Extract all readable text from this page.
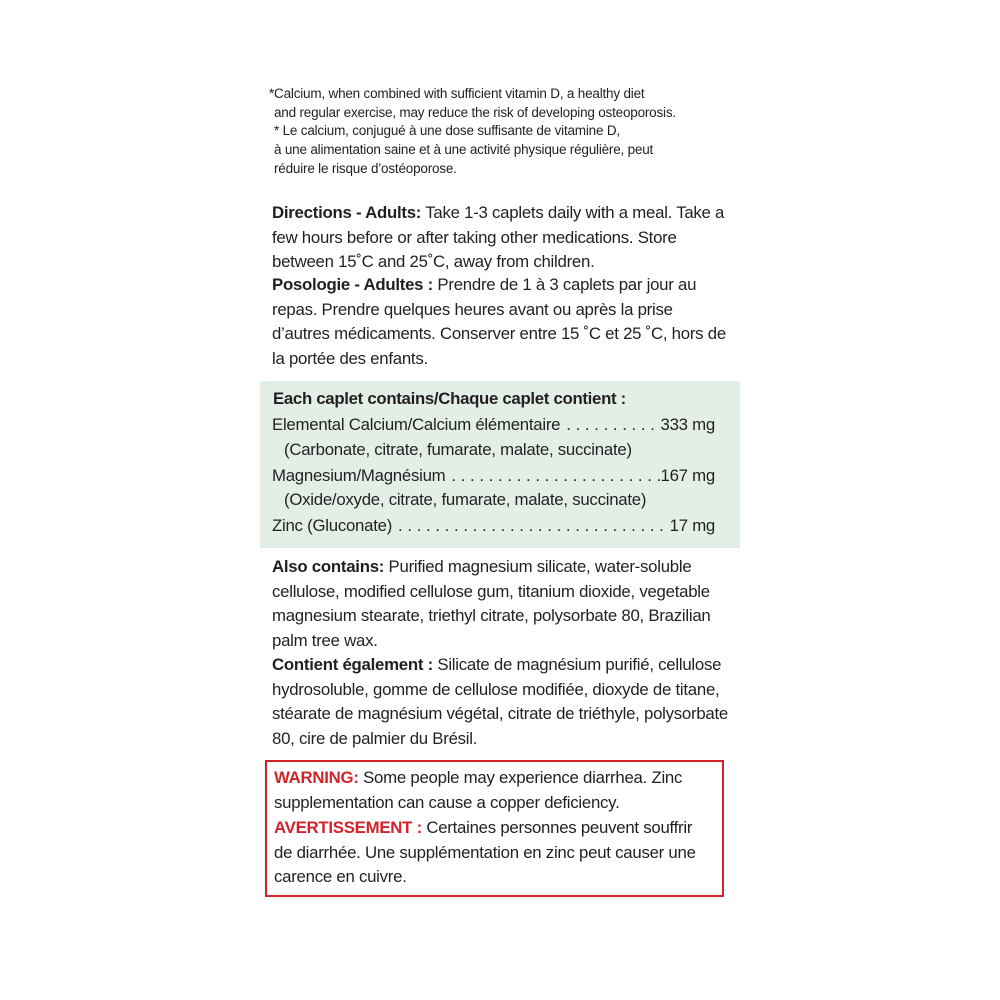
*Calcium, when combined with sufficient vitamin D, a healthy diet

and regular exercise, may reduce the risk of developing osteoporosis.

* Le calcium, conjugué à une dose suffisante de vitamine D,

à une alimentation saine et à une activité physique régulière, peut

réduire le risque d’ostéoporose.

Directions - Adults: Take 1-3 caplets daily with a meal. Take a few hours before or after taking other medications. Store between 15˚C and 25˚C, away from children.

Posologie - Adultes : Prendre de 1 à 3 caplets par jour au repas. Prendre quelques heures avant ou après la prise d’autres médicaments. Conserver entre 15 ˚C et 25 ˚C, hors de la portée des enfants.

Each caplet contains/Chaque caplet contient :
Elemental Calcium/Calcium élémentaire . . .	333 mg
(Carbonate, citrate, fumarate, malate, succinate)
Magnesium/Magnésium . . .	167 mg
(Oxide/oxyde, citrate, fumarate, malate, succinate)
Zinc (Gluconate) . . .	17 mg

Also contains: Purified magnesium silicate, water-soluble cellulose, modified cellulose gum, titanium dioxide, vegetable magnesium stearate, triethyl citrate, polysorbate 80, Brazilian palm tree wax.

Contient également : Silicate de magnésium purifié, cellulose hydrosoluble, gomme de cellulose modifiée, dioxyde de titane, stéarate de magnésium végétal, citrate de triéthyle, polysorbate 80, cire de palmier du Brésil.

WARNING: Some people may experience diarrhea. Zinc supplementation can cause a copper deficiency.

AVERTISSEMENT : Certaines personnes peuvent souffrir de diarrhée. Une supplémentation en zinc peut causer une carence en cuivre.
